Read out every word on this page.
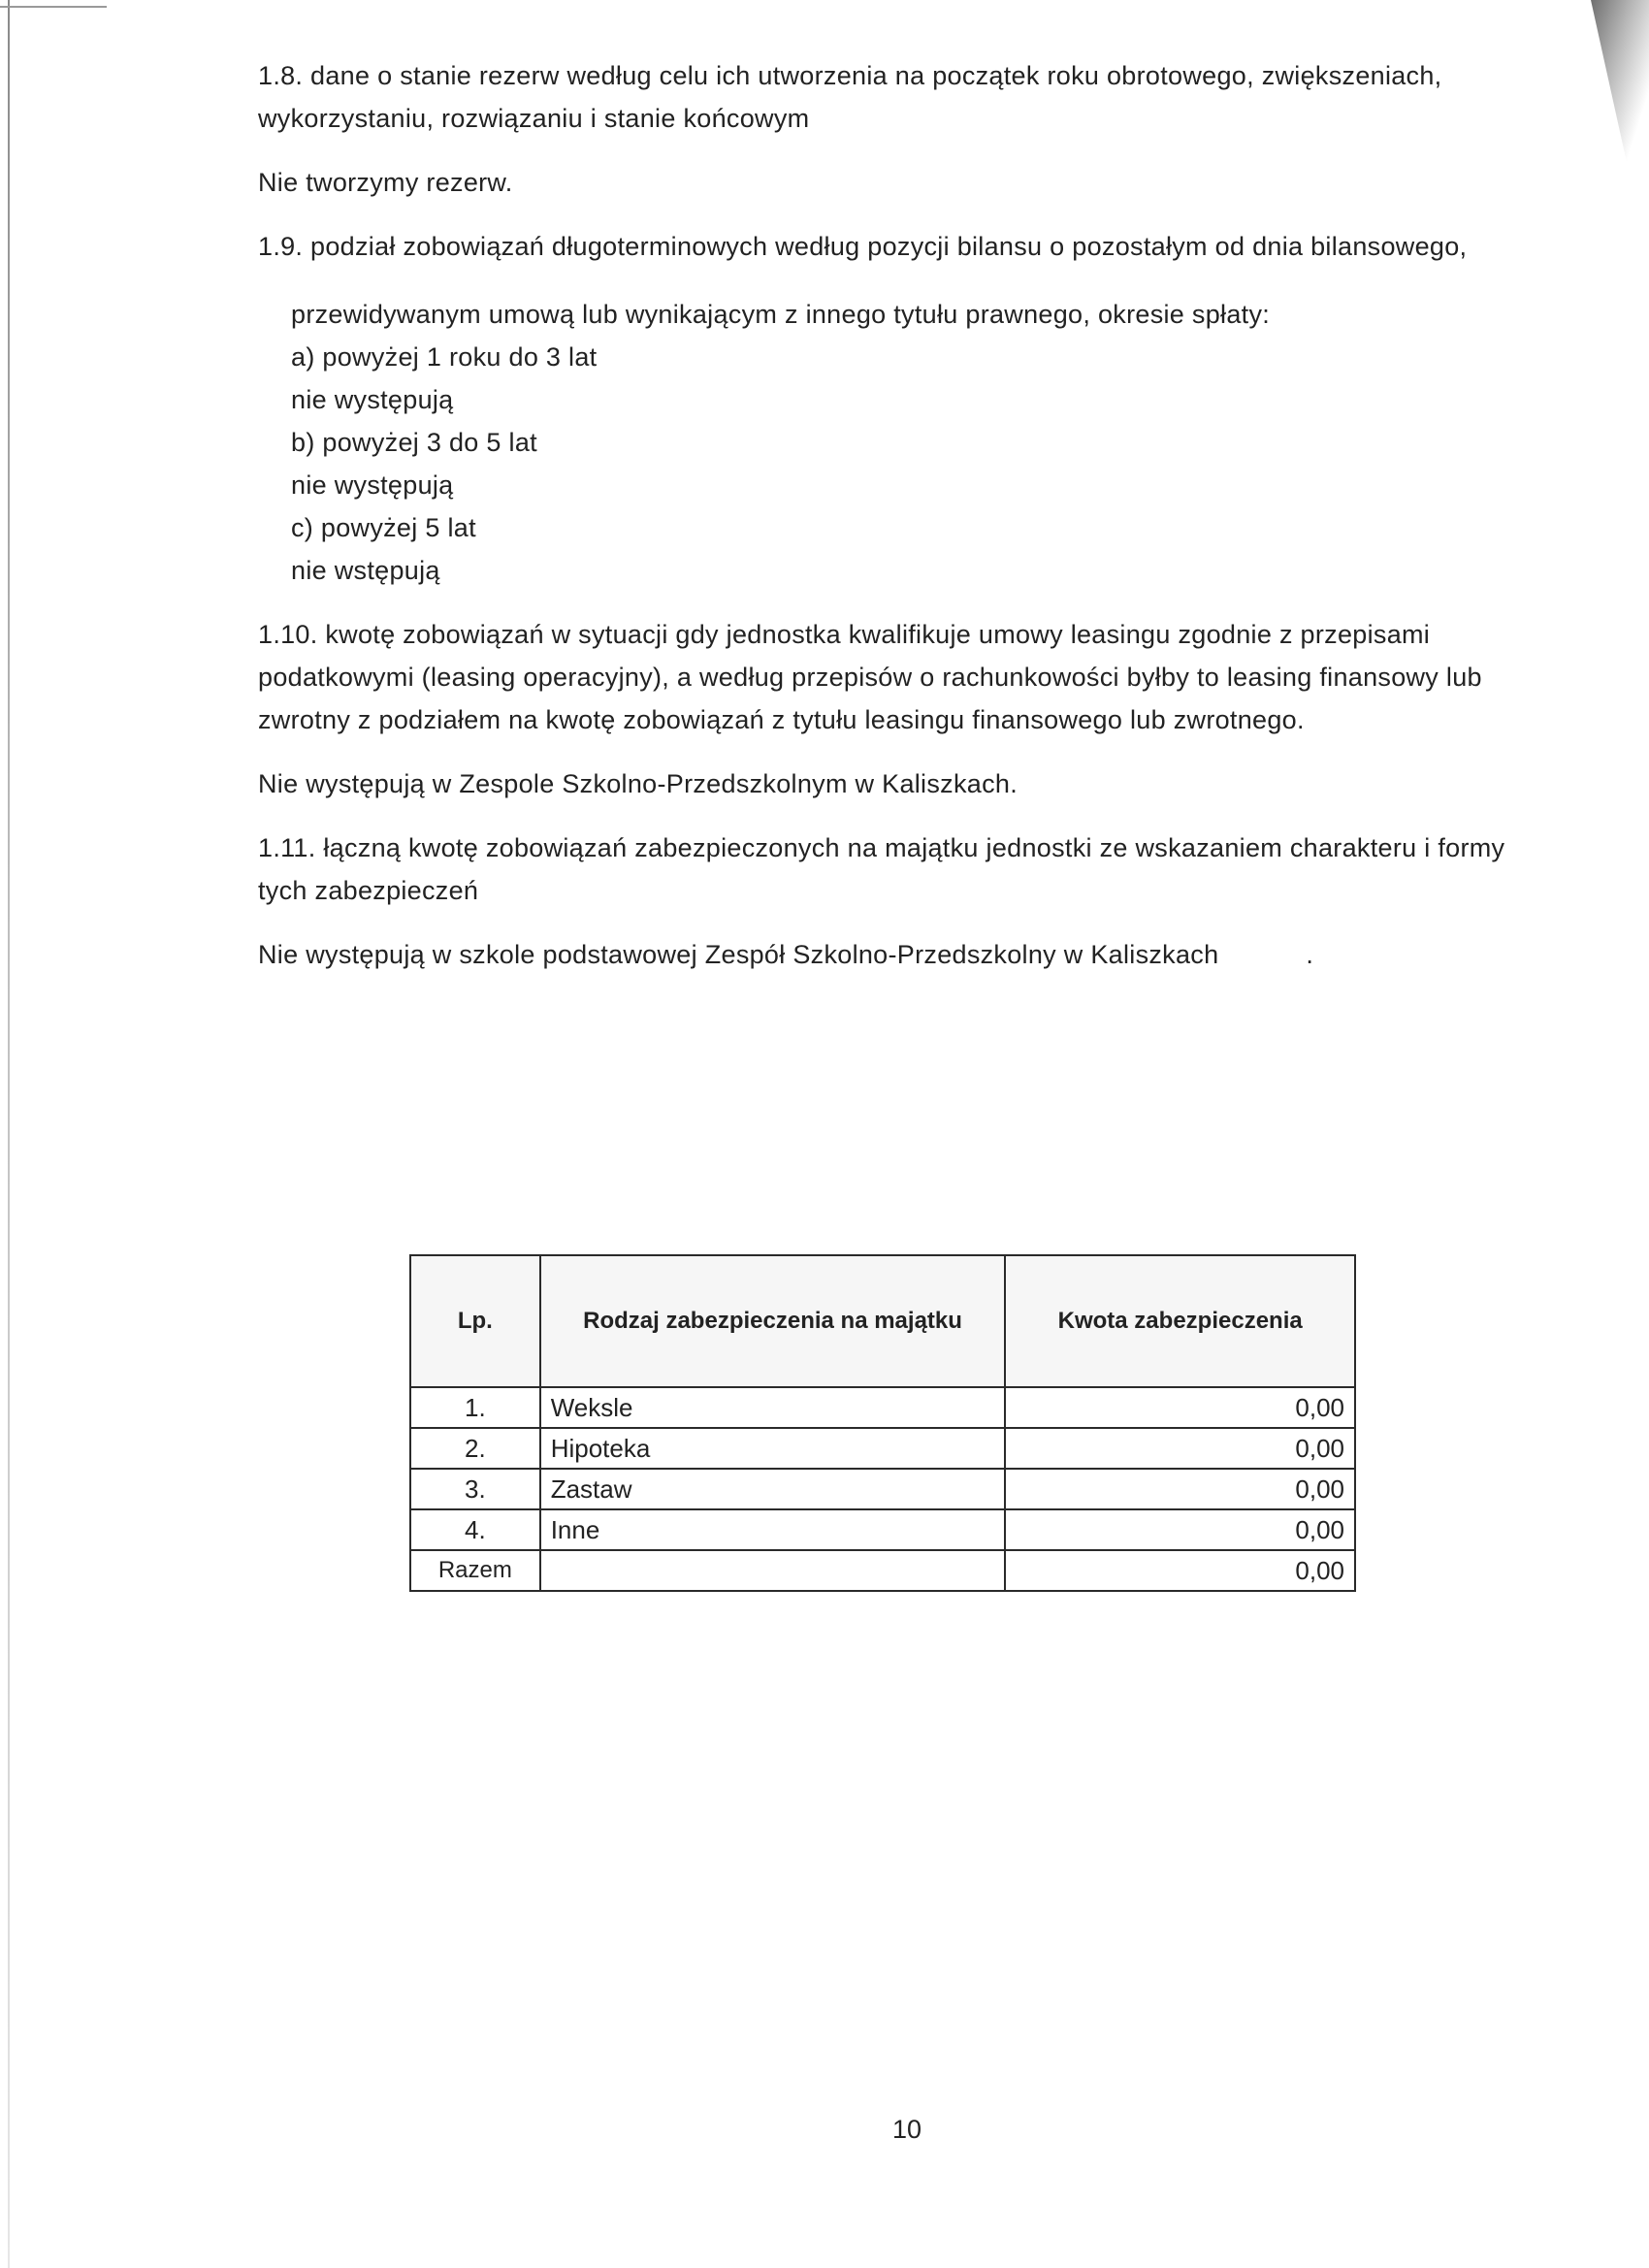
1.8. dane o stanie rezerw według celu ich utworzenia na początek roku obrotowego, zwiększeniach, wykorzystaniu, rozwiązaniu i stanie końcowym

Nie tworzymy rezerw.

1.9. podział zobowiązań długoterminowych według pozycji bilansu o pozostałym od dnia bilansowego,

przewidywanym umową lub wynikającym z innego tytułu prawnego, okresie spłaty:

a) powyżej 1 roku do 3 lat

nie występują

b) powyżej 3 do 5 lat

nie występują

c) powyżej 5 lat

nie wstępują

1.10. kwotę zobowiązań w sytuacji gdy jednostka kwalifikuje umowy leasingu zgodnie z przepisami podatkowymi (leasing operacyjny), a według przepisów o rachunkowości byłby to leasing finansowy lub zwrotny z podziałem na kwotę zobowiązań z tytułu leasingu finansowego lub zwrotnego.

Nie występują w Zespole Szkolno-Przedszkolnym w Kaliszkach.

1.11. łączną kwotę zobowiązań zabezpieczonych na majątku jednostki ze wskazaniem charakteru i formy tych zabezpieczeń

Nie występują w szkole podstawowej Zespół Szkolno-Przedszkolny w Kaliszkach	.

Lp.	Rodzaj zabezpieczenia na majątku	Kwota zabezpieczenia
1.	Weksle	0,00
2.	Hipoteka	0,00
3.	Zastaw	0,00
4.	Inne	0,00
Razem		0,00
10
